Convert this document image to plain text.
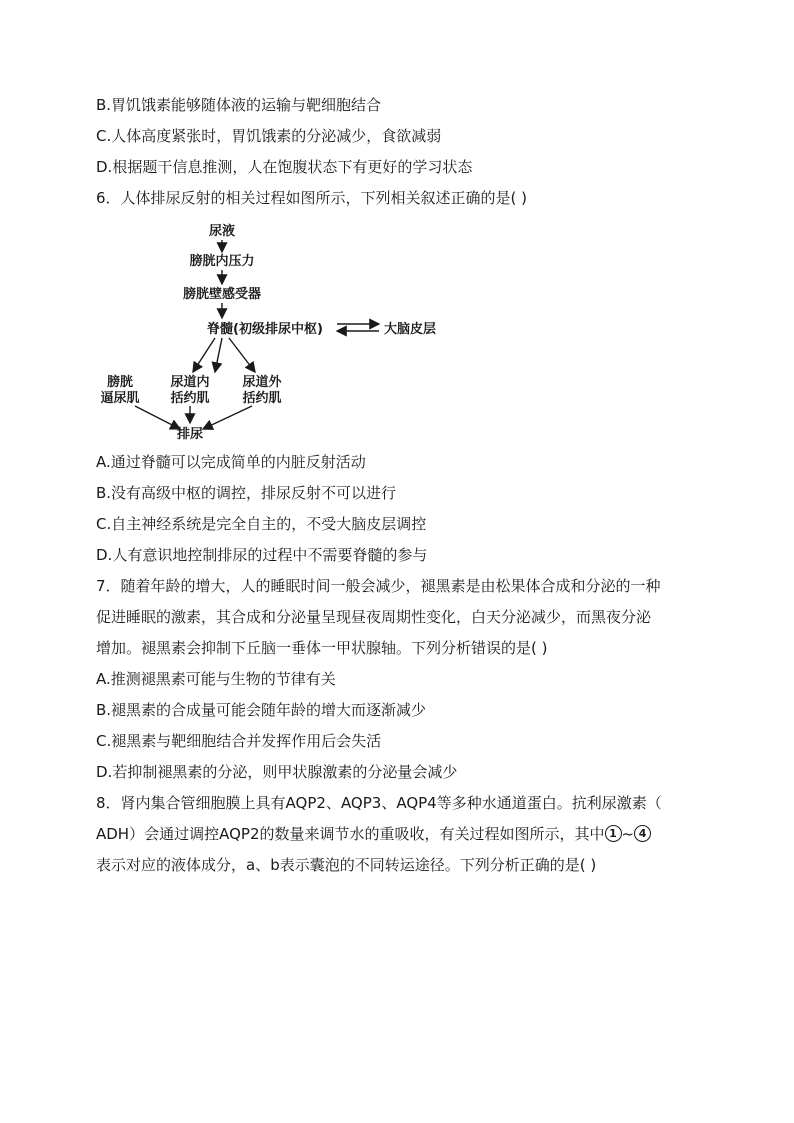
B.胃饥饿素能够随体液的运输与靶细胞结合
C.人体高度紧张时，胃饥饿素的分泌减少，食欲减弱
D.根据题干信息推测，人在饱腹状态下有更好的学习状态
6．人体排尿反射的相关过程如图所示，下列相关叙述正确的是( )
尿液
膀胱内压力
膀胱壁感受器
脊髓(初级排尿中枢)	大脑皮层
膀胱
逼尿肌
尿道内
括约肌
尿道外
括约肌
排尿
A.通过脊髓可以完成简单的内脏反射活动
B.没有高级中枢的调控，排尿反射不可以进行
C.自主神经系统是完全自主的，不受大脑皮层调控
D.人有意识地控制排尿的过程中不需要脊髓的参与
7．随着年龄的增大，人的睡眠时间一般会减少，褪黑素是由松果体合成和分泌的一种
促进睡眠的激素，其合成和分泌量呈现昼夜周期性变化，白天分泌减少，而黑夜分泌
增加。褪黑素会抑制下丘脑一垂体一甲状腺轴。下列分析错误的是( )
A.推测褪黑素可能与生物的节律有关
B.褪黑素的合成量可能会随年龄的增大而逐渐减少
C.褪黑素与靶细胞结合并发挥作用后会失活
D.若抑制褪黑素的分泌，则甲状腺激素的分泌量会减少
8．肾内集合管细胞膜上具有AQP2、AQP3、AQP4等多种水通道蛋白。抗利尿激素（
ADH）会通过调控AQP2的数量来调节水的重吸收，有关过程如图所示，其中 1 ~ 4
表示对应的液体成分，a、b表示囊泡的不同转运途径。下列分析正确的是( )
